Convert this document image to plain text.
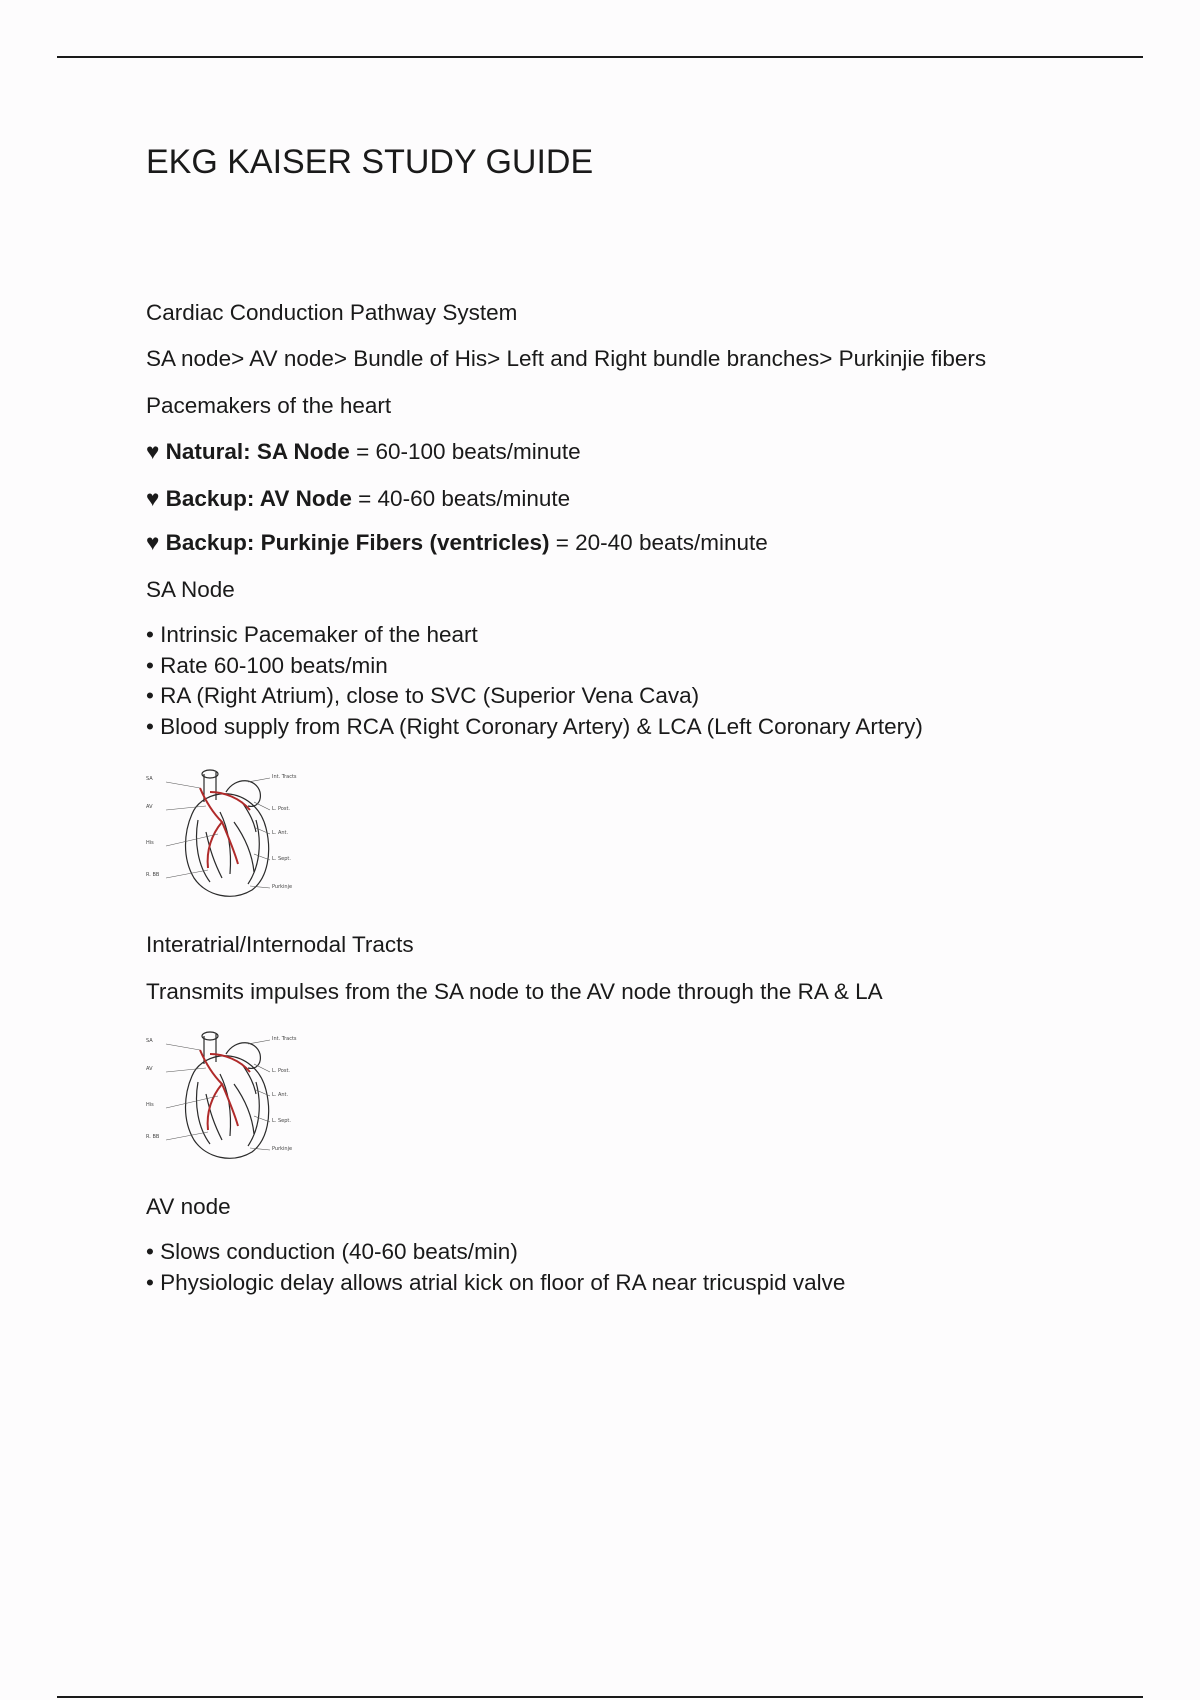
EKG KAISER STUDY GUIDE
Cardiac Conduction Pathway System
SA node> AV node> Bundle of His> Left and Right bundle branches> Purkinjie fibers
Pacemakers of the heart
♥ Natural: SA Node = 60-100 beats/minute
♥ Backup: AV Node = 40-60 beats/minute
♥ Backup: Purkinje Fibers (ventricles) = 20-40 beats/minute
SA Node
• Intrinsic Pacemaker of the heart
• Rate 60-100 beats/min
• RA (Right Atrium), close to SVC (Superior Vena Cava)
• Blood supply from RCA (Right Coronary Artery) & LCA (Left Coronary Artery)
SA
AV
His
R. BB
Int. Tracts
L. Post.
L. Ant.
L. Sept.
Purkinje
Interatrial/Internodal Tracts
Transmits impulses from the SA node to the AV node through the RA & LA
SA
AV
His
R. BB
Int. Tracts
L. Post.
L. Ant.
L. Sept.
Purkinje
AV node
• Slows conduction (40-60 beats/min)
• Physiologic delay allows atrial kick on floor of RA near tricuspid valve
